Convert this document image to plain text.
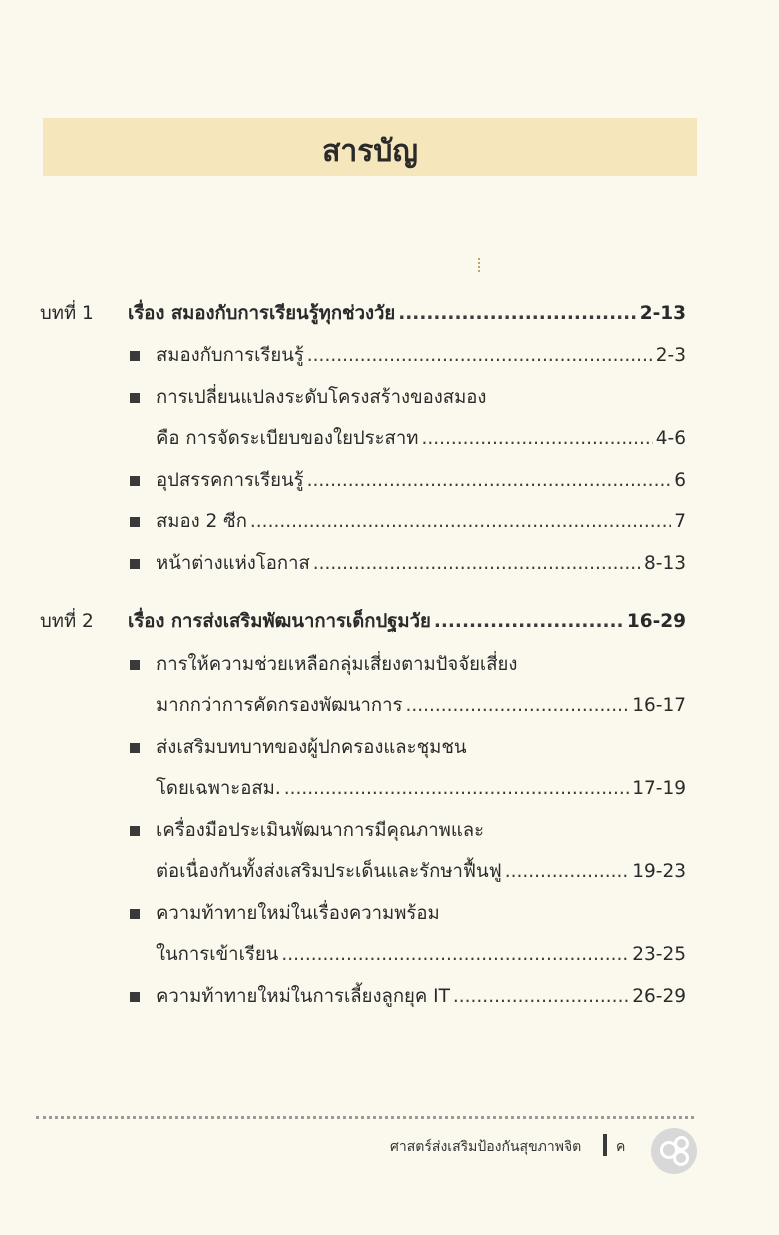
สารบัญ
บทที่ 1	เรื่อง สมองกับการเรียนรู้ทุกช่วงวัย .....	2-13
สมองกับการเรียนรู้ .....	2-3
การเปลี่ยนแปลงระดับโครงสร้างของสมอง
คือ การจัดระเบียบของใยประสาท .....	4-6
อุปสรรคการเรียนรู้ .....	6
สมอง 2 ซีก .....	7
หน้าต่างแห่งโอกาส .....	8-13
บทที่ 2	เรื่อง การส่งเสริมพัฒนาการเด็กปฐมวัย .....	16-29
การให้ความช่วยเหลือกลุ่มเสี่ยงตามปัจจัยเสี่ยง
มากกว่าการคัดกรองพัฒนาการ .....	16-17
ส่งเสริมบทบาทของผู้ปกครองและชุมชน
โดยเฉพาะอสม. .....	17-19
เครื่องมือประเมินพัฒนาการมีคุณภาพและ
ต่อเนื่องกันทั้งส่งเสริมประเด็นและรักษาฟื้นฟู .....	19-23
ความท้าทายใหม่ในเรื่องความพร้อม
ในการเข้าเรียน .....	23-25
ความท้าทายใหม่ในการเลี้ยงลูกยุค IT .....	26-29
ศาสตร์ส่งเสริมป้องกันสุขภาพจิต ค
